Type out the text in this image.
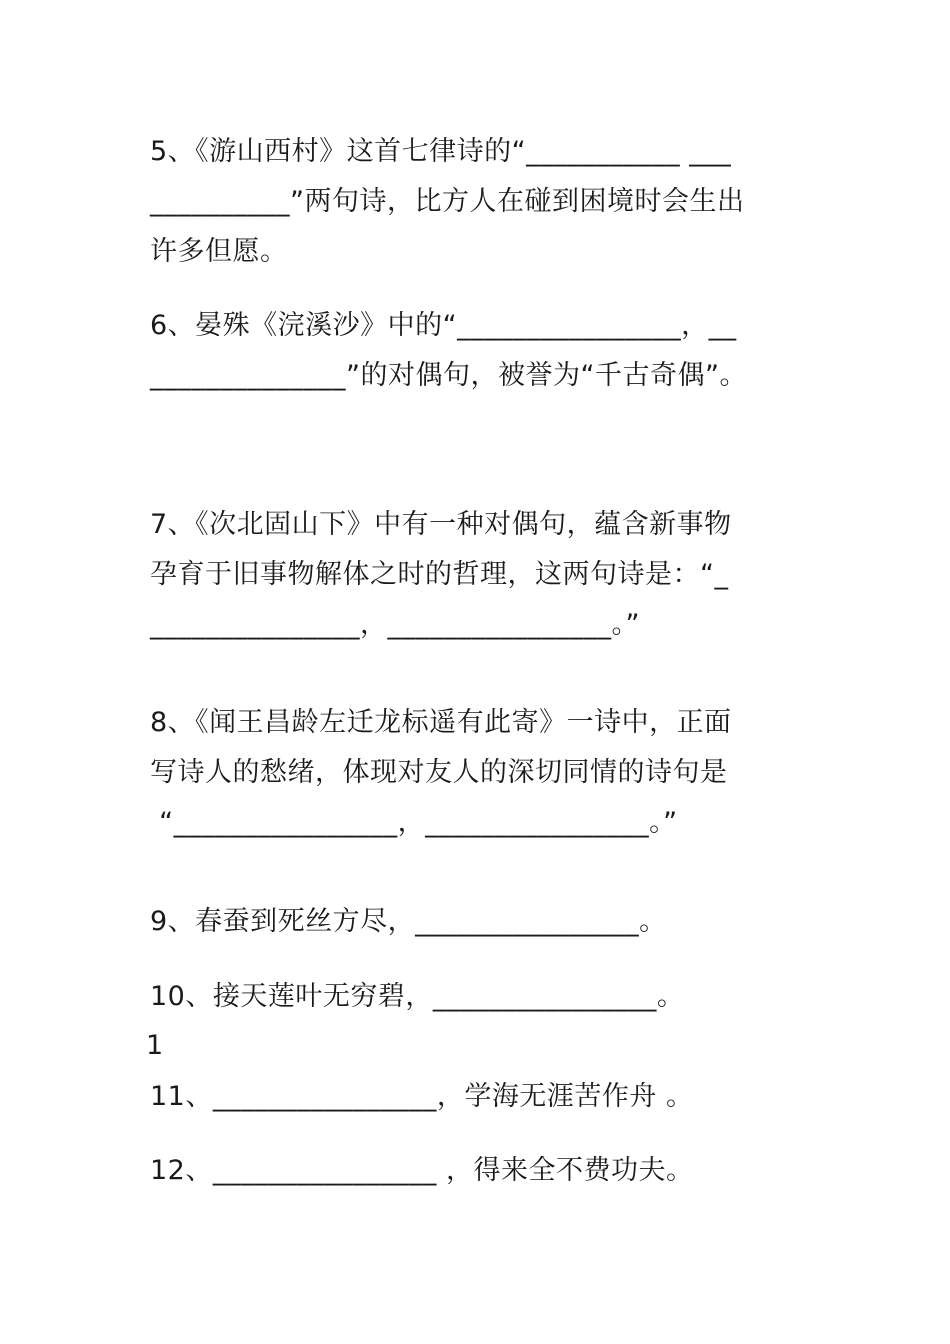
5、《游山西村》这首七律诗的“___________ ___
__________”两句诗，比方人在碰到困境时会生出
许多但愿。
6、晏殊《浣溪沙》中的“________________，__
______________”的对偶句，被誉为“千古奇偶”。
7、《次北固山下》中有一种对偶句，蕴含新事物
孕育于旧事物解体之时的哲理，这两句诗是：“_
_______________，________________。”
8、《闻王昌龄左迁龙标遥有此寄》一诗中，正面
写诗人的愁绪，体现对友人的深切同情的诗句是
“________________，________________。”
9、春蚕到死丝方尽，________________。
10、接天莲叶无穷碧，________________。
1
11、________________，学海无涯苦作舟 。
12、________________ ，得来全不费功夫。
